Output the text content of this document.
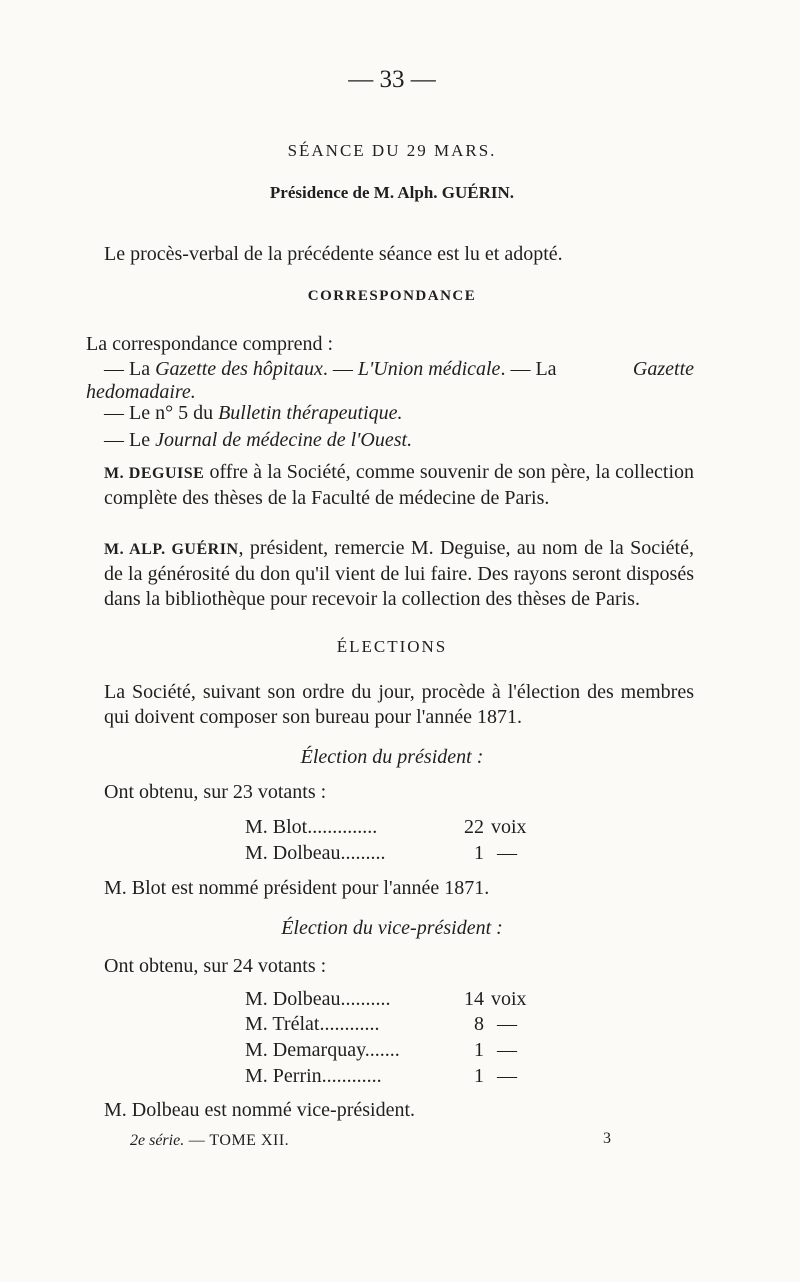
— 33 —
SÉANCE DU 29 MARS.
Présidence de M. Alph. GUÉRIN.
Le procès-verbal de la précédente séance est lu et adopté.
CORRESPONDANCE
La correspondance comprend :
— La Gazette des hôpitaux. — L'Union médicale. — La	Gazette
hedomadaire.
— Le n° 5 du Bulletin thérapeutique.
— Le Journal de médecine de l'Ouest.
M. DEGUISE offre à la Société, comme souvenir de son père, la collection complète des thèses de la Faculté de médecine de Paris.
M. ALP. GUÉRIN, président, remercie M. Deguise, au nom de la Société, de la générosité du don qu'il vient de lui faire. Des rayons seront disposés dans la bibliothèque pour recevoir la collection des thèses de Paris.
ÉLECTIONS
La Société, suivant son ordre du jour, procède à l'élection des membres qui doivent composer son bureau pour l'année 1871.
Élection du président :
Ont obtenu, sur 23 votants :
M. Blot..............	22 voix
M. Dolbeau.........	1 —
M. Blot est nommé président pour l'année 1871.
Élection du vice-président :
Ont obtenu, sur 24 votants :
M. Dolbeau..........	14 voix
M. Trélat............	8 —
M. Demarquay.......	1 —
M. Perrin............	1 —
M. Dolbeau est nommé vice-président.
2e série. — TOME XII.	3
